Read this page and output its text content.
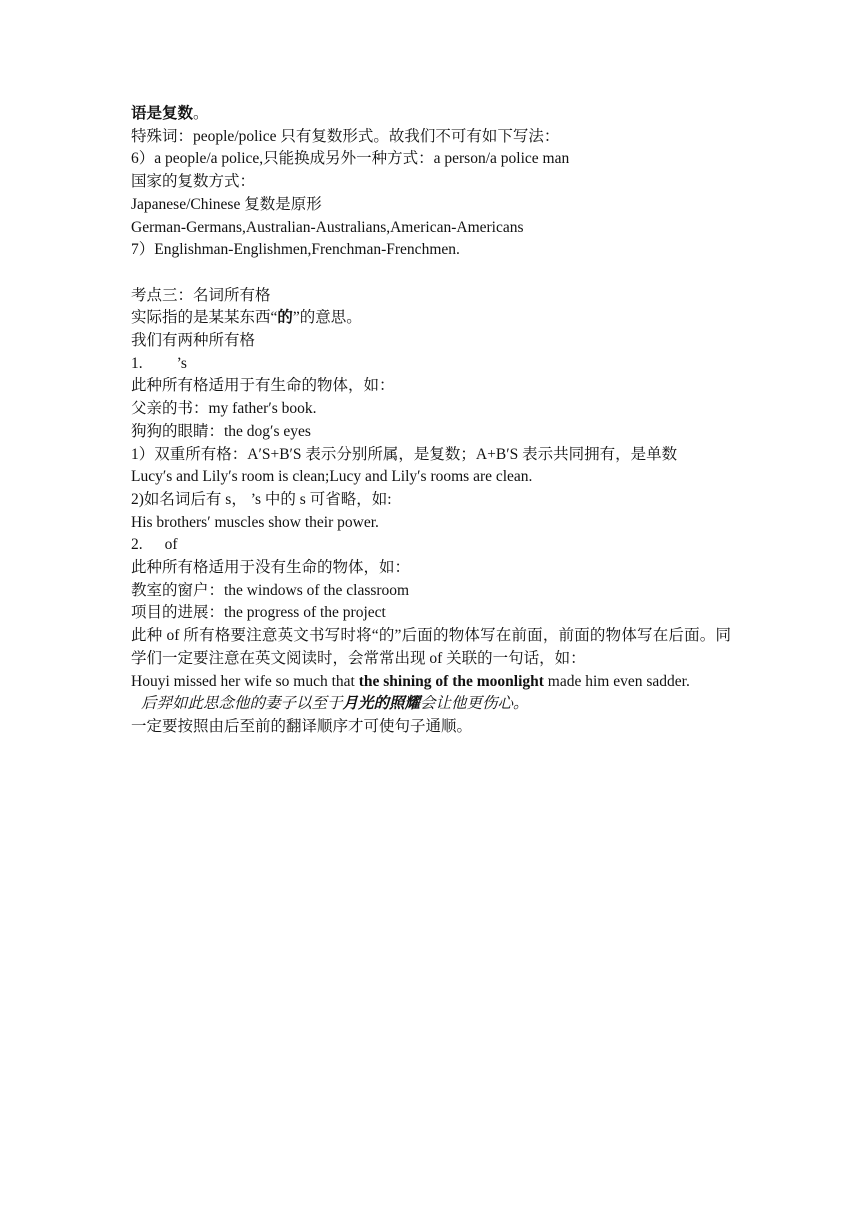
语是复数。
特殊词：people/police 只有复数形式。故我们不可有如下写法：
6）a people/a police,只能换成另外一种方式：a person/a police man
国家的复数方式：
Japanese/Chinese 复数是原形
German-Germans,Australian-Australians,American-Americans
7）Englishman-Englishmen,Frenchman-Frenchmen.
考点三：名词所有格
实际指的是某某东西“的”的意思。
我们有两种所有格
1. ’s
此种所有格适用于有生命的物体，如：
父亲的书：my father′s book.
狗狗的眼睛：the dog′s eyes
1）双重所有格：A′S+B′S 表示分别所属，是复数；A+B′S 表示共同拥有，是单数
Lucy′s and Lily′s room is clean;Lucy and Lily′s rooms are clean.
2)如名词后有 s， ’s 中的 s 可省略，如:
His brothers′ muscles show their power.
2. of
此种所有格适用于没有生命的物体，如：
教室的窗户：the windows of the classroom
项目的进展：the progress of the project
此种 of 所有格要注意英文书写时将“的”后面的物体写在前面，前面的物体写在后面。同学们一定要注意在英文阅读时，会常常出现 of 关联的一句话，如：
Houyi missed her wife so much that the shining of the moonlight made him even sadder.
后羿如此思念他的妻子以至于月光的照耀会让他更伤心。
一定要按照由后至前的翻译顺序才可使句子通顺。
